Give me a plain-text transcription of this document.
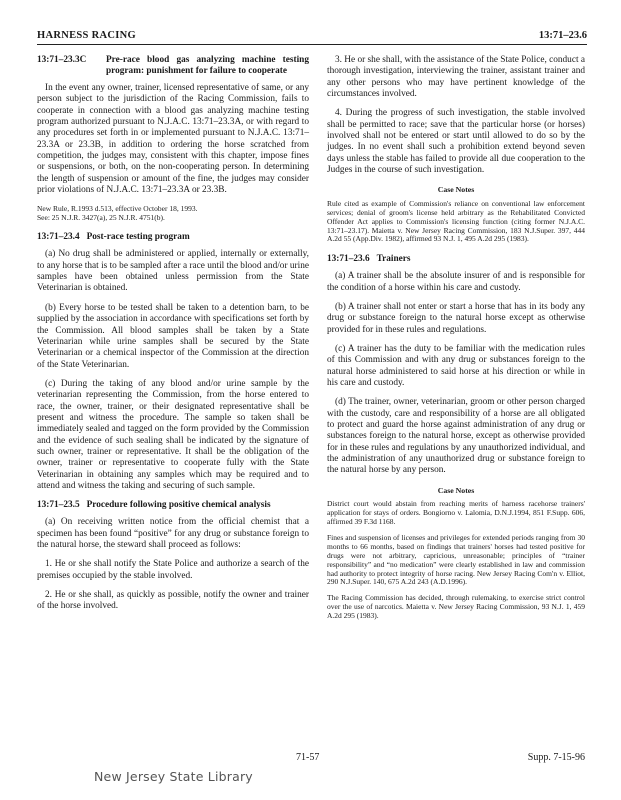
HARNESS RACING	13:71–23.6
13:71–23.3C	Pre-race blood gas analyzing machine testing program: punishment for failure to cooperate

In the event any owner, trainer, licensed representative of same, or any person subject to the jurisdiction of the Racing Commission, fails to cooperate in connection with a blood gas analyzing machine testing program authorized pursuant to N.J.A.C. 13:71–23.3A, or with regard to any procedures set forth in or implemented pursuant to N.J.A.C. 13:71–23.3A or 23.3B, in addition to ordering the horse scratched from competition, the judges may, consistent with this chapter, impose fines or suspensions, or both, on the non-cooperating person. In determining the length of suspension or amount of the fine, the judges may consider prior violations of N.J.A.C. 13:71–23.3A or 23.3B.

New Rule, R.1993 d.513, effective October 18, 1993.
See: 25 N.J.R. 3427(a), 25 N.J.R. 4751(b).
13:71–23.4 Post-race testing program

(a) No drug shall be administered or applied, internally or externally, to any horse that is to be sampled after a race until the blood and/or urine samples have been obtained unless permission from the State Veterinarian is obtained.

(b) Every horse to be tested shall be taken to a detention barn, to be supplied by the association in accordance with specifications set forth by the Commission. All blood samples shall be taken by a State Veterinarian while urine samples shall be secured by the State Veterinarian or a chemical inspector of the Commission at the direction of the State Veterinarian.

(c) During the taking of any blood and/or urine sample by the veterinarian representing the Commission, from the horse entered to race, the owner, trainer, or their designated representative shall be present and witness the procedure. The sample so taken shall be immediately sealed and tagged on the form provided by the Commission and the evidence of such sealing shall be indicated by the signature of such owner, trainer or representative. It shall be the obligation of the owner, trainer or representative to cooperate fully with the State Veterinarian in obtaining any samples which may be required and to attend and witness the taking and securing of such sample.

13:71–23.5 Procedure following positive chemical analysis

(a) On receiving written notice from the official chemist that a specimen has been found “positive” for any drug or substance foreign to the natural horse, the steward shall proceed as follows:

1. He or she shall notify the State Police and authorize a search of the premises occupied by the stable involved.

2. He or she shall, as quickly as possible, notify the owner and trainer of the horse involved.

3. He or she shall, with the assistance of the State Police, conduct a thorough investigation, interviewing the trainer, assistant trainer and any other persons who may have pertinent knowledge of the circumstances involved.

4. During the progress of such investigation, the stable involved shall be permitted to race; save that the particular horse (or horses) involved shall not be entered or start until allowed to do so by the judges. In no event shall such a prohibition extend beyond seven days unless the stable has failed to provide all due cooperation to the Judges in the course of such investigation.

Case Notes
Rule cited as example of Commission's reliance on conventional law enforcement services; denial of groom's license held arbitrary as the Rehabilitated Convicted Offender Act applies to Commission's licensing function (citing former N.J.A.C. 13:71–23.17). Maietta v. New Jersey Racing Commission, 183 N.J.Super. 397, 444 A.2d 55 (App.Div. 1982), affirmed 93 N.J. 1, 495 A.2d 295 (1983).
13:71–23.6 Trainers

(a) A trainer shall be the absolute insurer of and is responsible for the condition of a horse within his care and custody.

(b) A trainer shall not enter or start a horse that has in its body any drug or substance foreign to the natural horse except as otherwise provided for in these rules and regulations.

(c) A trainer has the duty to be familiar with the medication rules of this Commission and with any drug or substances foreign to the natural horse administered to said horse at his direction or while in his care and custody.

(d) The trainer, owner, veterinarian, groom or other person charged with the custody, care and responsibility of a horse are all obligated to protect and guard the horse against administration of any drug or substances foreign to the natural horse, except as otherwise provided for in these rules and regulations by any unauthorized individual, and the administration of any unauthorized drug or substance foreign to the natural horse by any person.

Case Notes
District court would abstain from reaching merits of harness racehorse trainers' application for stays of orders. Bongiorno v. Lalomia, D.N.J.1994, 851 F.Supp. 606, affirmed 39 F.3d 1168.
Fines and suspension of licenses and privileges for extended periods ranging from 30 months to 66 months, based on findings that trainers' horses had tested positive for drugs were not arbitrary, capricious, unreasonable; principles of “trainer responsibility” and “no medication” were clearly established in law and commission had authority to protect integrity of horse racing. New Jersey Racing Com'n v. Elliot, 290 N.J.Super. 140, 675 A.2d 243 (A.D.1996).
The Racing Commission has decided, through rulemaking, to exercise strict control over the use of narcotics. Maietta v. New Jersey Racing Commission, 93 N.J. 1, 459 A.2d 295 (1983).
71-57	Supp. 7-15-96
New Jersey State Library
